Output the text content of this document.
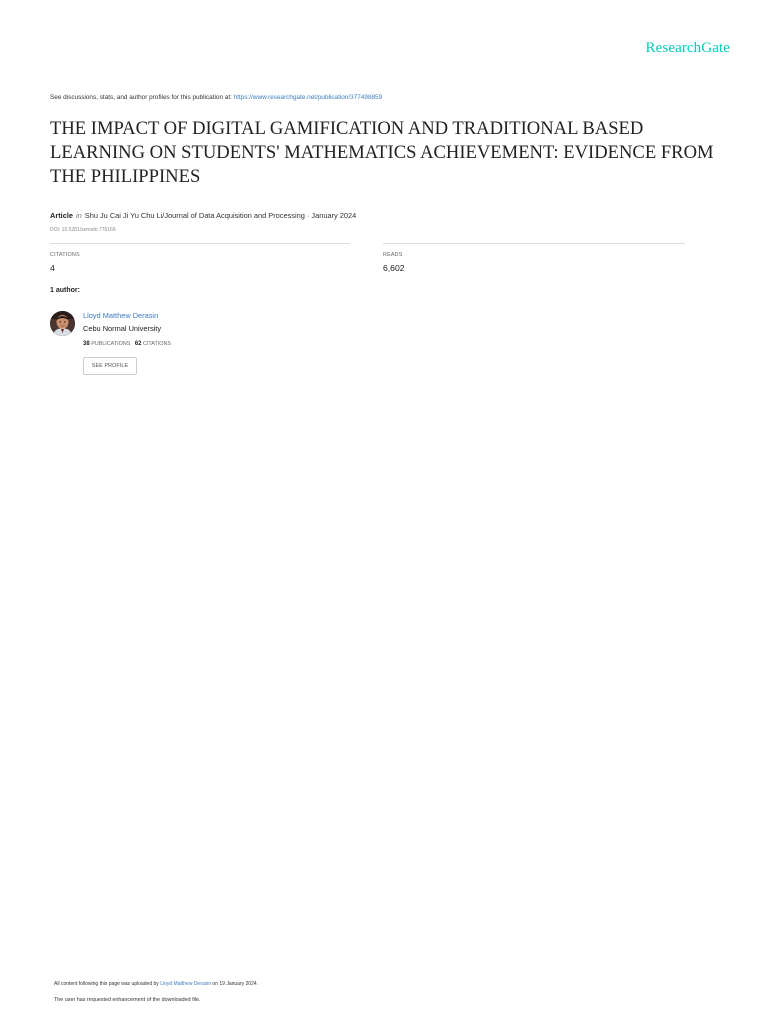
ResearchGate
See discussions, stats, and author profiles for this publication at: https://www.researchgate.net/publication/377498859
THE IMPACT OF DIGITAL GAMIFICATION AND TRADITIONAL BASED LEARNING ON STUDENTS' MATHEMATICS ACHIEVEMENT: EVIDENCE FROM THE PHILIPPINES
Article in Shu Ju Cai Ji Yu Chu Li/Journal of Data Acquisition and Processing · January 2024
DOI: 10.5281/zenodo.776166
CITATIONS
4
READS
6,602
1 author:
Lloyd Matthew Derasin
Cebu Normal University
38 PUBLICATIONS 62 CITATIONS
SEE PROFILE
All content following this page was uploaded by Lloyd Matthew Derasin on 19 January 2024.
The user has requested enhancement of the downloaded file.
